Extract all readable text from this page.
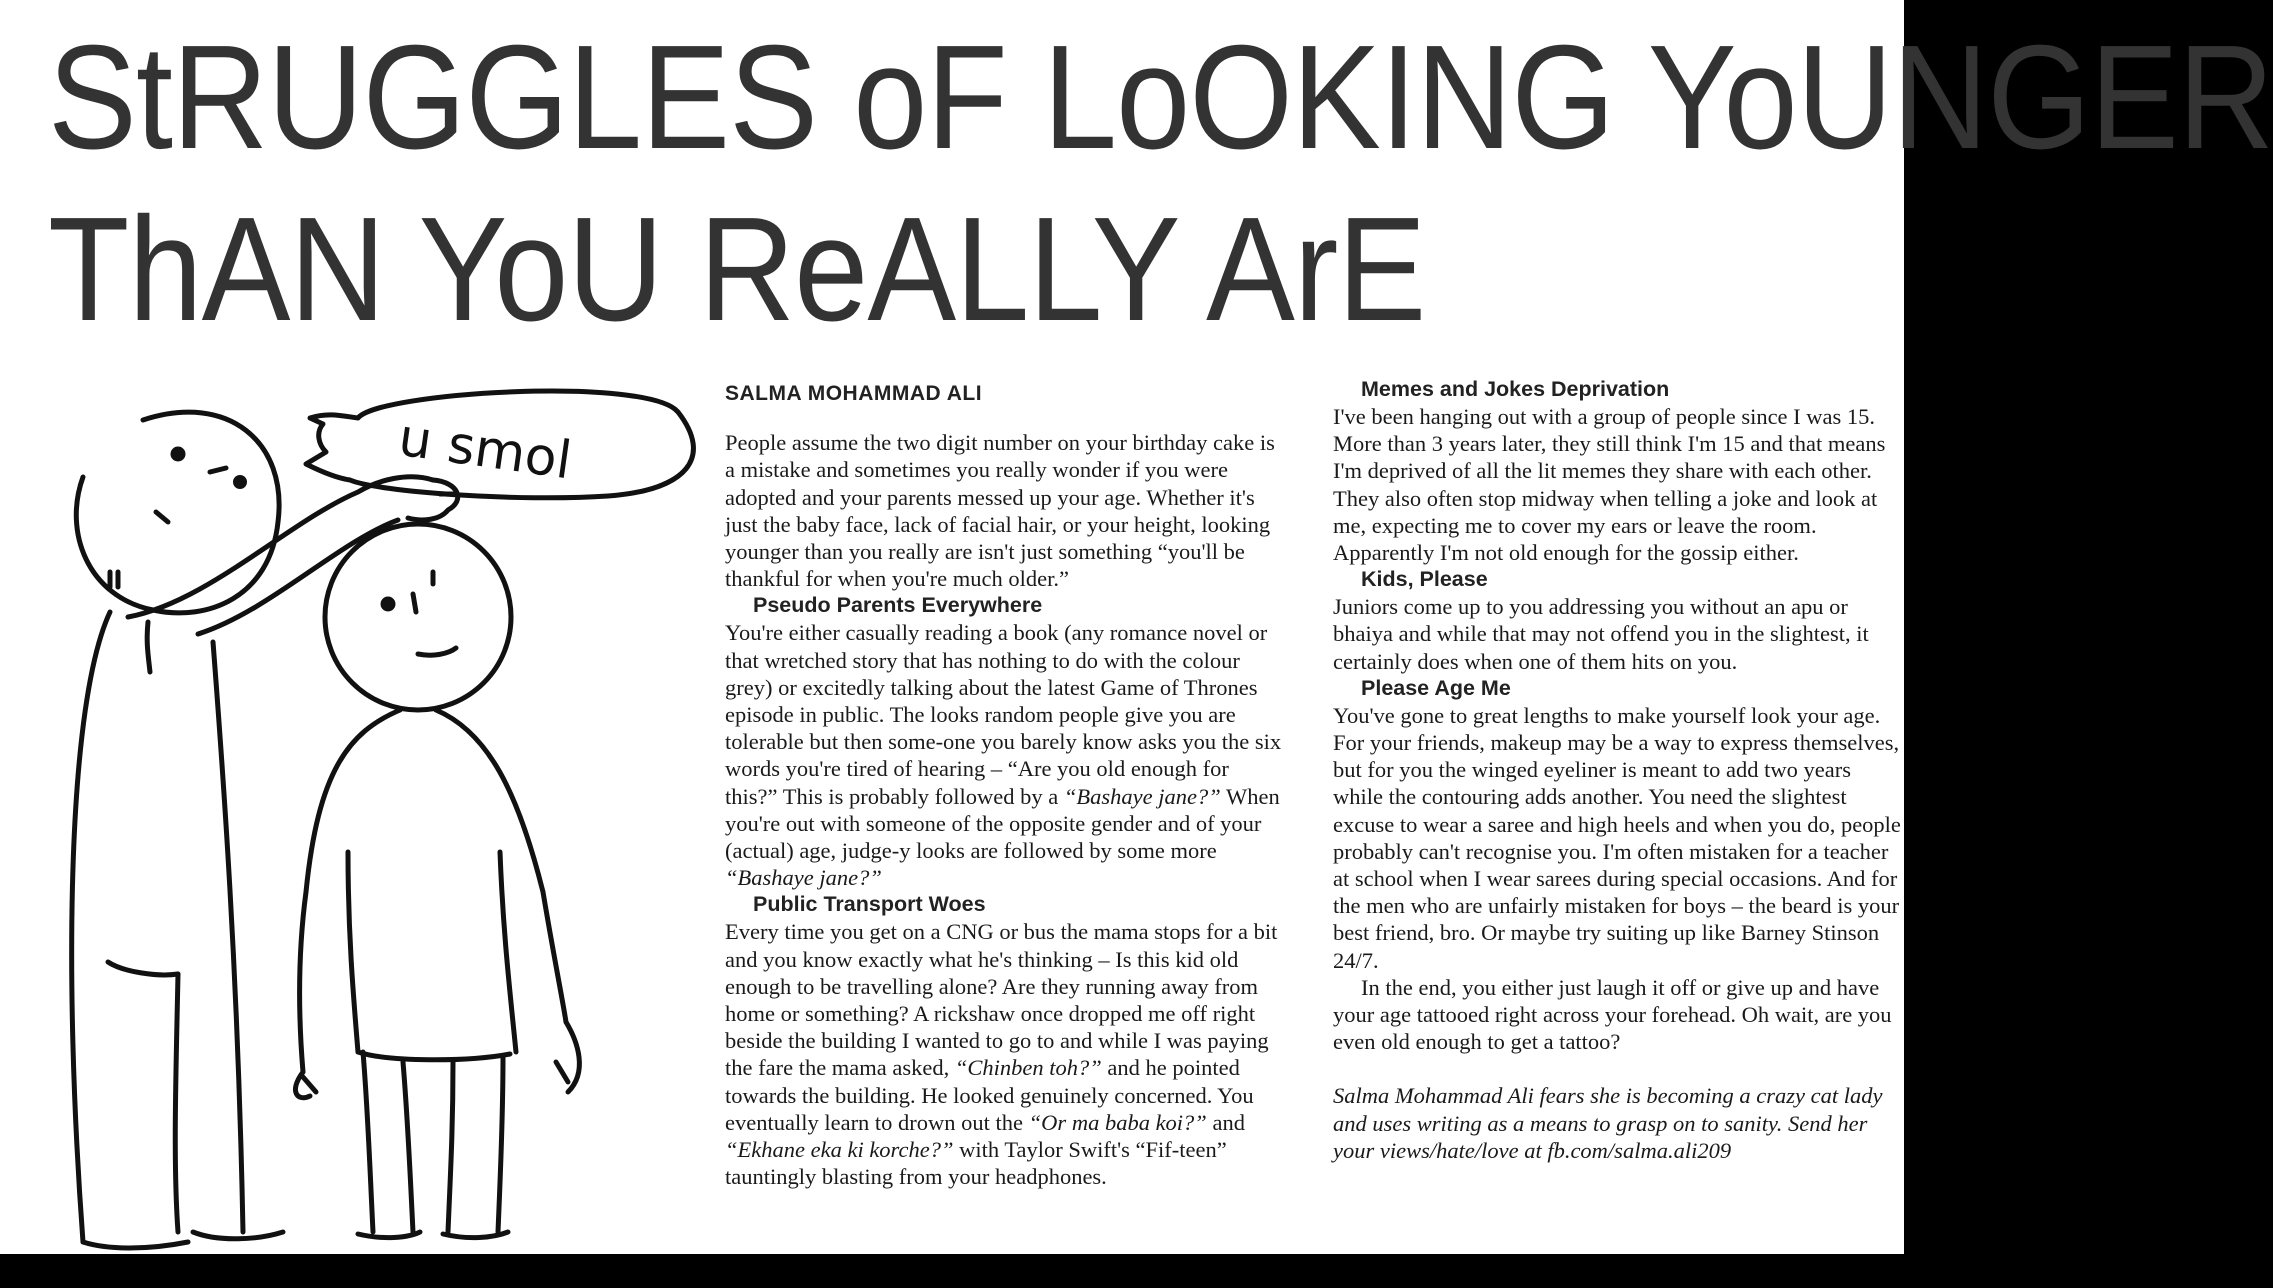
StRUGGLES oF LoOKING YoUNGER
ThAN YoU ReALLY ArE
u smol
SALMA MOHAMMAD ALI

People assume the two digit number on your birthday cake is a mistake and sometimes you really wonder if you were adopted and your parents messed up your age. Whether it's just the baby face, lack of facial hair, or your height, looking younger than you really are isn't just something “you'll be thankful for when you're much older.”

Pseudo Parents Everywhere

You're either casually reading a book (any romance novel or that wretched story that has nothing to do with the colour grey) or excitedly talking about the latest Game of Thrones episode in public. The looks random people give you are tolerable but then some-one you barely know asks you the six words you're tired of hearing – “Are you old enough for this?” This is probably followed by a “Bashaye jane?” When you're out with someone of the opposite gender and of your (actual) age, judge-y looks are followed by some more “Bashaye jane?”

Public Transport Woes

Every time you get on a CNG or bus the mama stops for a bit and you know exactly what he's thinking – Is this kid old enough to be travelling alone? Are they running away from home or something? A rickshaw once dropped me off right beside the building I wanted to go to and while I was paying the fare the mama asked, “Chinben toh?” and he pointed towards the building. He looked genuinely concerned. You eventually learn to drown out the “Or ma baba koi?” and “Ekhane eka ki korche?” with Taylor Swift's “Fif-teen” tauntingly blasting from your headphones.

Memes and Jokes Deprivation

I've been hanging out with a group of people since I was 15. More than 3 years later, they still think I'm 15 and that means I'm deprived of all the lit memes they share with each other. They also often stop midway when telling a joke and look at me, expecting me to cover my ears or leave the room. Apparently I'm not old enough for the gossip either.

Kids, Please

Juniors come up to you addressing you without an apu or bhaiya and while that may not offend you in the slightest, it certainly does when one of them hits on you.

Please Age Me

You've gone to great lengths to make yourself look your age. For your friends, makeup may be a way to express themselves, but for you the winged eyeliner is meant to add two years while the contouring adds another. You need the slightest excuse to wear a saree and high heels and when you do, people probably can't recognise you. I'm often mistaken for a teacher at school when I wear sarees during special occasions. And for the men who are unfairly mistaken for boys – the beard is your best friend, bro. Or maybe try suiting up like Barney Stinson 24/7.

In the end, you either just laugh it off or give up and have your age tattooed right across your forehead. Oh wait, are you even old enough to get a tattoo?

Salma Mohammad Ali fears she is becoming a crazy cat lady and uses writing as a means to grasp on to sanity. Send her your views/hate/love at fb.com/salma.ali209
